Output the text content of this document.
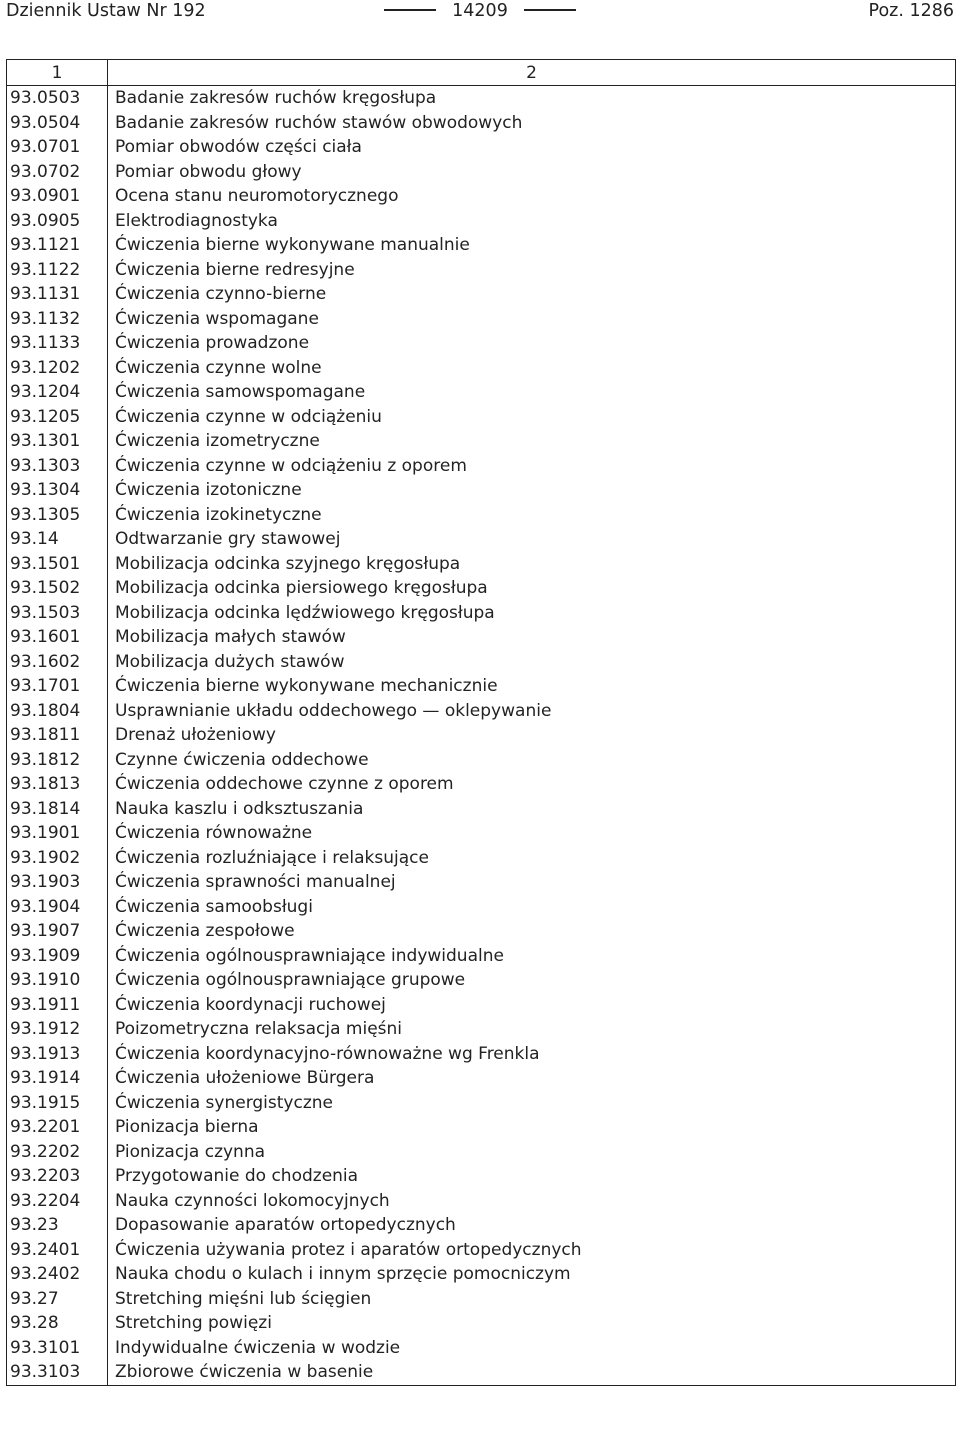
Dziennik Ustaw Nr 192	14209	Poz. 1286
1	2
93.0503	Badanie zakresów ruchów kręgosłupa
93.0504	Badanie zakresów ruchów stawów obwodowych
93.0701	Pomiar obwodów części ciała
93.0702	Pomiar obwodu głowy
93.0901	Ocena stanu neuromotorycznego
93.0905	Elektrodiagnostyka
93.1121	Ćwiczenia bierne wykonywane manualnie
93.1122	Ćwiczenia bierne redresyjne
93.1131	Ćwiczenia czynno-bierne
93.1132	Ćwiczenia wspomagane
93.1133	Ćwiczenia prowadzone
93.1202	Ćwiczenia czynne wolne
93.1204	Ćwiczenia samowspomagane
93.1205	Ćwiczenia czynne w odciążeniu
93.1301	Ćwiczenia izometryczne
93.1303	Ćwiczenia czynne w odciążeniu z oporem
93.1304	Ćwiczenia izotoniczne
93.1305	Ćwiczenia izokinetyczne
93.14	Odtwarzanie gry stawowej
93.1501	Mobilizacja odcinka szyjnego kręgosłupa
93.1502	Mobilizacja odcinka piersiowego kręgosłupa
93.1503	Mobilizacja odcinka lędźwiowego kręgosłupa
93.1601	Mobilizacja małych stawów
93.1602	Mobilizacja dużych stawów
93.1701	Ćwiczenia bierne wykonywane mechanicznie
93.1804	Usprawnianie układu oddechowego — oklepywanie
93.1811	Drenaż ułożeniowy
93.1812	Czynne ćwiczenia oddechowe
93.1813	Ćwiczenia oddechowe czynne z oporem
93.1814	Nauka kaszlu i odksztuszania
93.1901	Ćwiczenia równoważne
93.1902	Ćwiczenia rozluźniające i relaksujące
93.1903	Ćwiczenia sprawności manualnej
93.1904	Ćwiczenia samoobsługi
93.1907	Ćwiczenia zespołowe
93.1909	Ćwiczenia ogólnousprawniające indywidualne
93.1910	Ćwiczenia ogólnousprawniające grupowe
93.1911	Ćwiczenia koordynacji ruchowej
93.1912	Poizometryczna relaksacja mięśni
93.1913	Ćwiczenia koordynacyjno-równoważne wg Frenkla
93.1914	Ćwiczenia ułożeniowe Bürgera
93.1915	Ćwiczenia synergistyczne
93.2201	Pionizacja bierna
93.2202	Pionizacja czynna
93.2203	Przygotowanie do chodzenia
93.2204	Nauka czynności lokomocyjnych
93.23	Dopasowanie aparatów ortopedycznych
93.2401	Ćwiczenia używania protez i aparatów ortopedycznych
93.2402	Nauka chodu o kulach i innym sprzęcie pomocniczym
93.27	Stretching mięśni lub ścięgien
93.28	Stretching powięzi
93.3101	Indywidualne ćwiczenia w wodzie
93.3103	Zbiorowe ćwiczenia w basenie
